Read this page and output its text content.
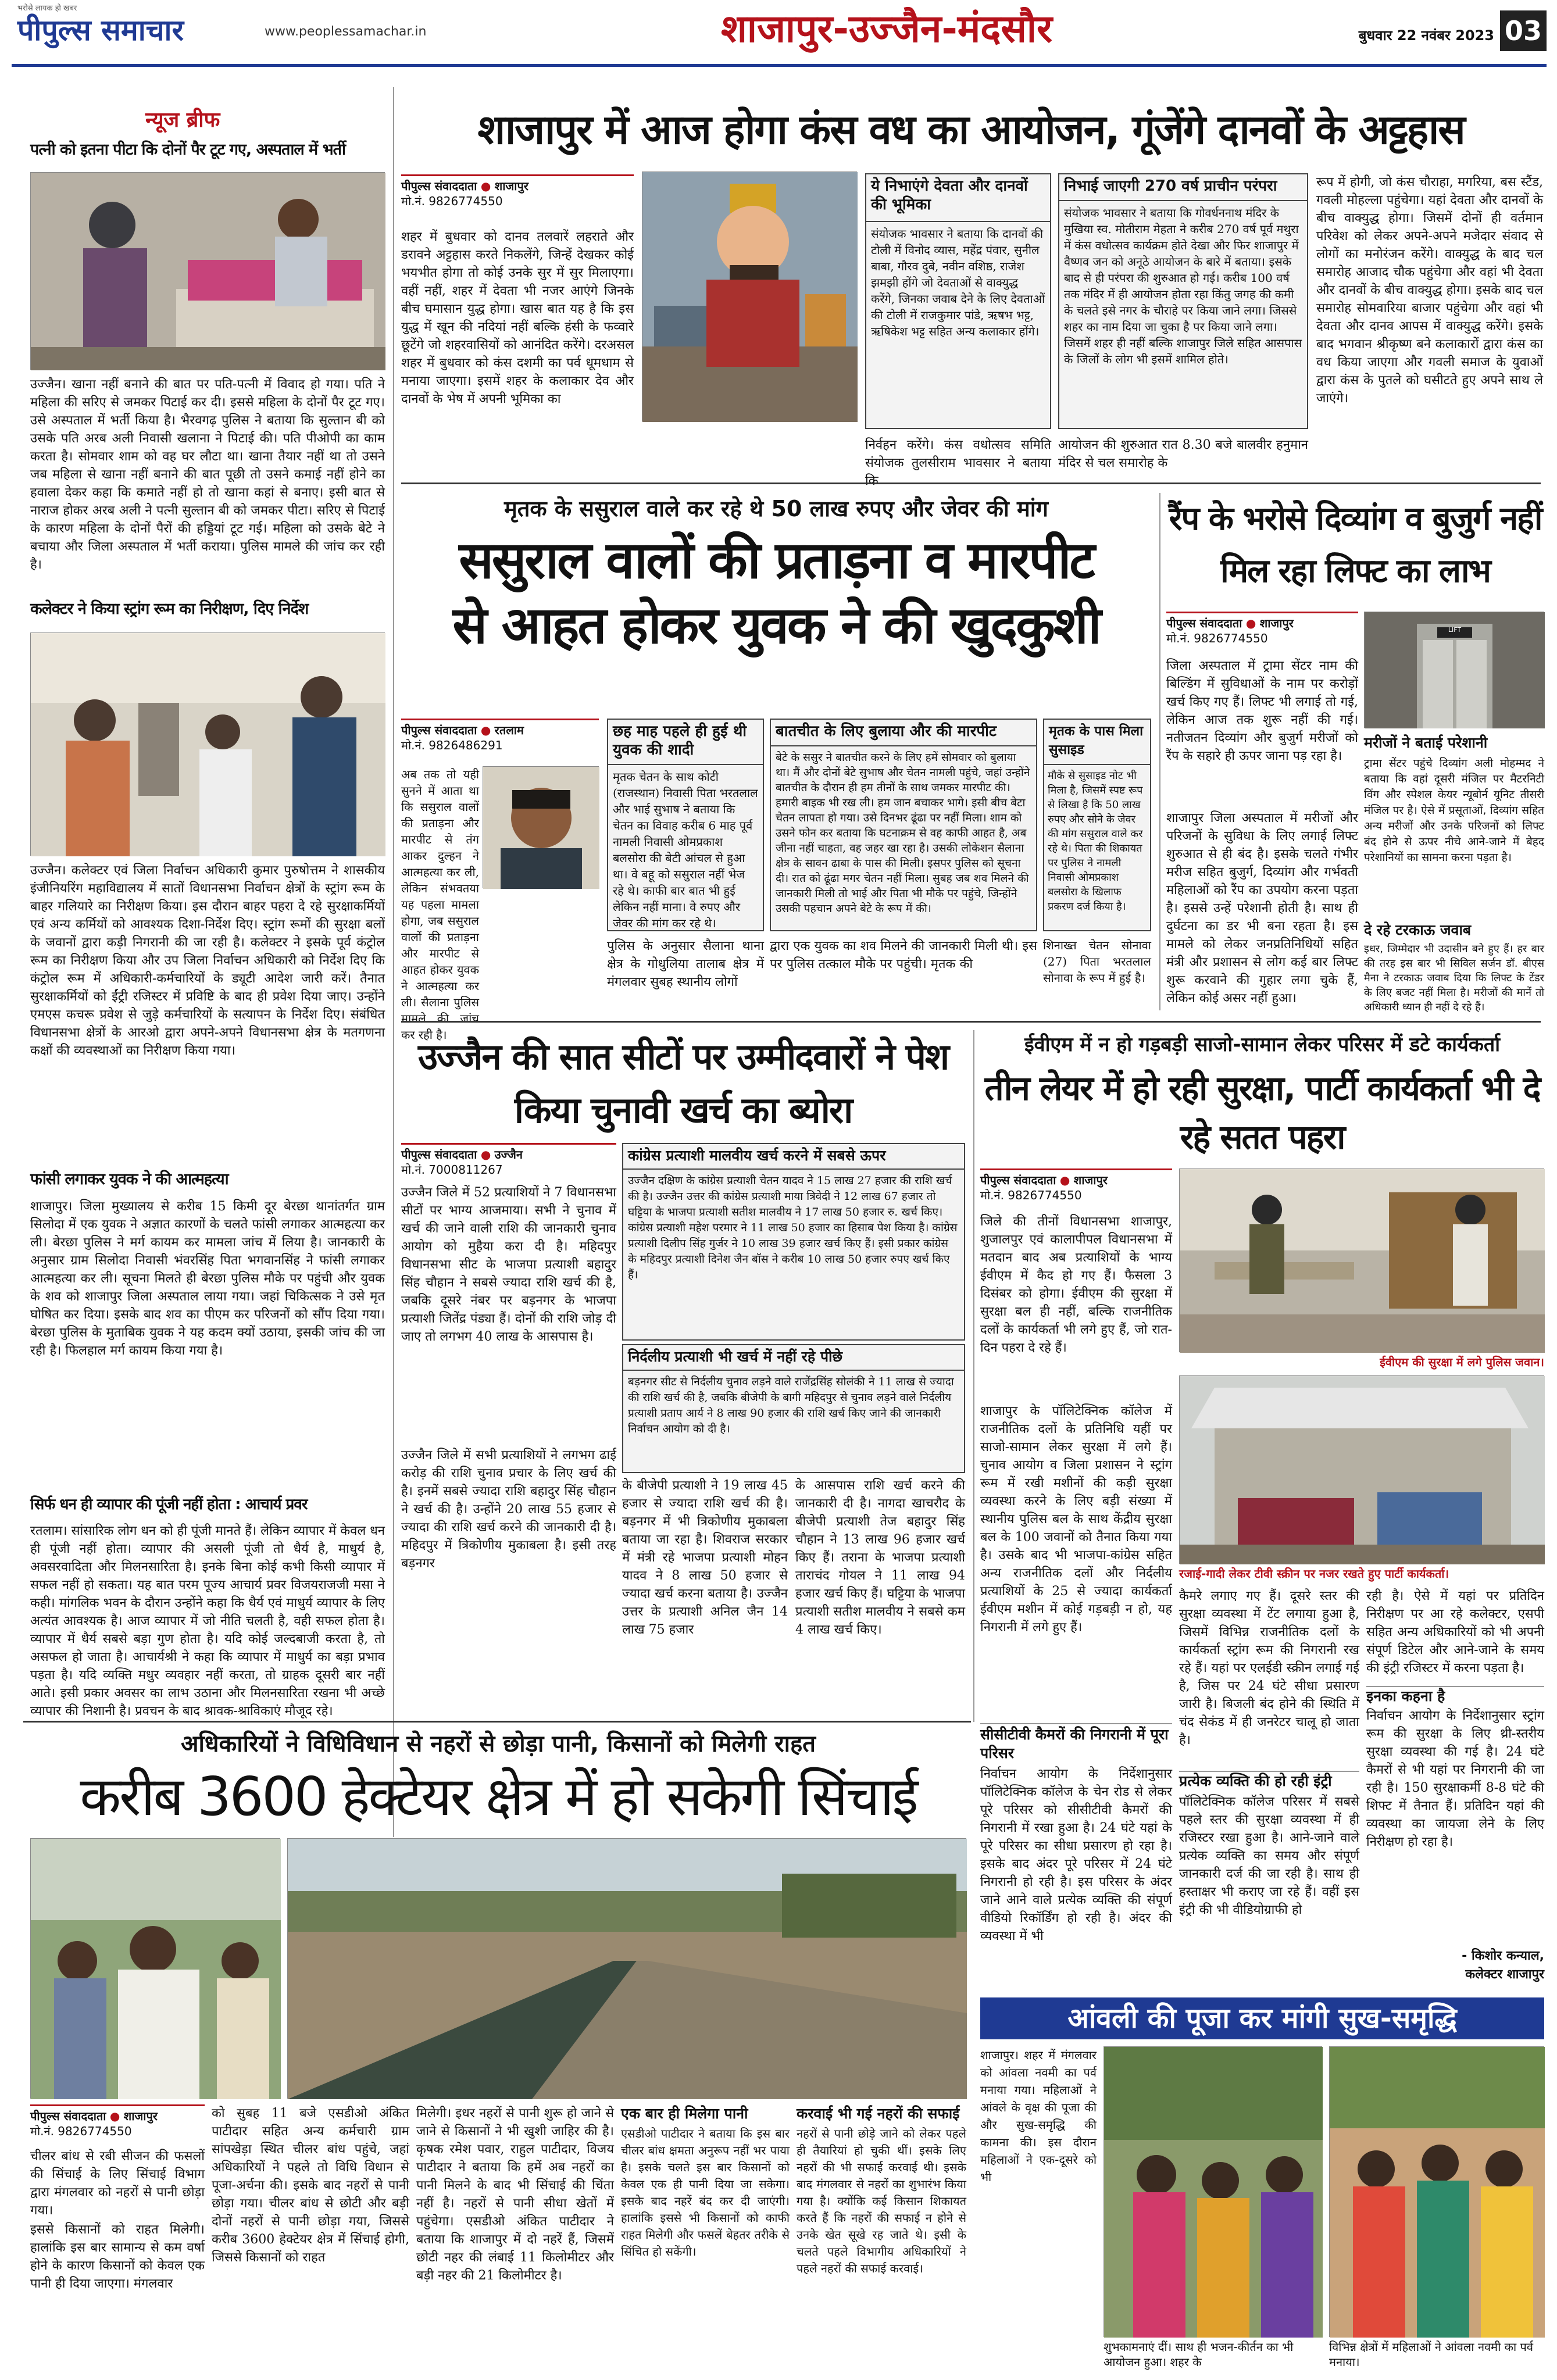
भरोसे लायक हो खबर
पीपुल्स समाचार	www.peoplessamachar.in	शाजापुर-उज्जैन-मंदसौर	बुधवार 22 नवंबर 2023 03
न्यूज ब्रीफ
पत्नी को इतना पीटा कि दोनों पैर टूट गए, अस्पताल में भर्ती
उज्जैन। खाना नहीं बनाने की बात पर पति-पत्नी में विवाद हो गया। पति ने महिला की सरिए से जमकर पिटाई कर दी। इससे महिला के दोनों पैर टूट गए। उसे अस्पताल में भर्ती किया है। भैरवगढ़ पुलिस ने बताया कि सुल्तान बी को उसके पति अरब अली निवासी खलाना ने पिटाई की। पति पीओपी का काम करता है। सोमवार शाम को वह घर लौटा था। खाना तैयार नहीं था तो उसने जब महिला से खाना नहीं बनाने की बात पूछी तो उसने कमाई नहीं होने का हवाला देकर कहा कि कमाते नहीं हो तो खाना कहां से बनाए। इसी बात से नाराज होकर अरब अली ने पत्नी सुल्तान बी को जमकर पीटा। सरिए से पिटाई के कारण महिला के दोनों पैरों की हड्डियां टूट गई। महिला को उसके बेटे ने बचाया और जिला अस्पताल में भर्ती कराया। पुलिस मामले की जांच कर रही है।
कलेक्टर ने किया स्ट्रांग रूम का निरीक्षण, दिए निर्देश
उज्जैन। कलेक्टर एवं जिला निर्वाचन अधिकारी कुमार पुरुषोत्तम ने शासकीय इंजीनियरिंग महाविद्यालय में सातों विधानसभा निर्वाचन क्षेत्रों के स्ट्रांग रूम के बाहर गलियारे का निरीक्षण किया। इस दौरान बाहर पहरा दे रहे सुरक्षाकर्मियों एवं अन्य कर्मियों को आवश्यक दिशा-निर्देश दिए। स्ट्रांग रूमों की सुरक्षा बलों के जवानों द्वारा कड़ी निगरानी की जा रही है। कलेक्टर ने इसके पूर्व कंट्रोल रूम का निरीक्षण किया और उप जिला निर्वाचन अधिकारी को निर्देश दिए कि कंट्रोल रूम में अधिकारी-कर्मचारियों के ड्यूटी आदेश जारी करें। तैनात सुरक्षाकर्मियों को ईंट्री रजिस्टर में प्रविष्टि के बाद ही प्रवेश दिया जाए। उन्होंने एमएस कचरू प्रवेश से जुड़े कर्मचारियों के सत्यापन के निर्देश दिए। संबंधित विधानसभा क्षेत्रों के आरओ द्वारा अपने-अपने विधानसभा क्षेत्र के मतगणना कक्षों की व्यवस्थाओं का निरीक्षण किया गया।
फांसी लगाकर युवक ने की आत्महत्या
शाजापुर। जिला मुख्यालय से करीब 15 किमी दूर बेरछा थानांतर्गत ग्राम सिलोदा में एक युवक ने अज्ञात कारणों के चलते फांसी लगाकर आत्महत्या कर ली। बेरछा पुलिस ने मर्ग कायम कर मामला जांच में लिया है। जानकारी के अनुसार ग्राम सिलोदा निवासी भंवरसिंह पिता भगवानसिंह ने फांसी लगाकर आत्महत्या कर ली। सूचना मिलते ही बेरछा पुलिस मौके पर पहुंची और युवक के शव को शाजापुर जिला अस्पताल लाया गया। जहां चिकित्सक ने उसे मृत घोषित कर दिया। इसके बाद शव का पीएम कर परिजनों को सौंप दिया गया। बेरछा पुलिस के मुताबिक युवक ने यह कदम क्यों उठाया, इसकी जांच की जा रही है। फिलहाल मर्ग कायम किया गया है।
सिर्फ धन ही व्यापार की पूंजी नहीं होता : आचार्य प्रवर
रतलाम। सांसारिक लोग धन को ही पूंजी मानते हैं। लेकिन व्यापार में केवल धन ही पूंजी नहीं होता। व्यापार की असली पूंजी तो धैर्य है, माधुर्य है, अवसरवादिता और मिलनसारिता है। इनके बिना कोई कभी किसी व्यापार में सफल नहीं हो सकता। यह बात परम पूज्य आचार्य प्रवर विजयराजजी मसा ने कही। मांगलिक भवन के दौरान उन्होंने कहा कि धैर्य एवं माधुर्य व्यापार के लिए अत्यंत आवश्यक है। आज व्यापार में जो नीति चलती है, वही सफल होता है। व्यापार में धैर्य सबसे बड़ा गुण होता है। यदि कोई जल्दबाजी करता है, तो असफल हो जाता है। आचार्यश्री ने कहा कि व्यापार में माधुर्य का बड़ा प्रभाव पड़ता है। यदि व्यक्ति मधुर व्यवहार नहीं करता, तो ग्राहक दूसरी बार नहीं आते। इसी प्रकार अवसर का लाभ उठाना और मिलनसारिता रखना भी अच्छे व्यापार की निशानी है। प्रवचन के बाद श्रावक-श्राविकाएं मौजूद रहे।
शाजापुर में आज होगा कंस वध का आयोजन, गूंजेंगे दानवों के अट्टहास
पीपुल्स संवाददाता ● शाजापुर
मो.नं. 9826774550
शहर में बुधवार को दानव तलवारें लहराते और डरावने अट्टहास करते निकलेंगे, जिन्हें देखकर कोई भयभीत होगा तो कोई उनके सुर में सुर मिलाएगा। वहीं नहीं, शहर में देवता भी नजर आएंगे जिनके बीच घमासान युद्ध होगा। खास बात यह है कि इस युद्ध में खून की नदियां नहीं बल्कि हंसी के फव्वारे छूटेंगे जो शहरवासियों को आनंदित करेंगे। दरअसल शहर में बुधवार को कंस दशमी का पर्व धूमधाम से मनाया जाएगा। इसमें शहर के कलाकार देव और दानवों के भेष में अपनी भूमिका का
ये निभाएंगे देवता और दानवों की भूमिका
संयोजक भावसार ने बताया कि दानवों की टोली में विनोद व्यास, महेंद्र पंवार, सुनील बाबा, गौरव दुबे, नवीन वशिष्ठ, राजेश झमझी होंगे जो देवताओं से वाक्युद्ध करेंगे, जिनका जवाब देने के लिए देवताओं की टोली में राजकुमार पांडे, ऋषभ भट्ट, ऋषिकेश भट्ट सहित अन्य कलाकार होंगे।
निर्वहन करेंगे। कंस वधोत्सव समिति संयोजक तुलसीराम भावसार ने बताया कि
निभाई जाएगी 270 वर्ष प्राचीन परंपरा
संयोजक भावसार ने बताया कि गोवर्धननाथ मंदिर के मुखिया स्व. मोतीराम मेहता ने करीब 270 वर्ष पूर्व मथुरा में कंस वधोत्सव कार्यक्रम होते देखा और फिर शाजापुर में वैष्णव जन को अनूठे आयोजन के बारे में बताया। इसके बाद से ही परंपरा की शुरुआत हो गई। करीब 100 वर्ष तक मंदिर में ही आयोजन होता रहा किंतु जगह की कमी के चलते इसे नगर के चौराहे पर किया जाने लगा। जिससे शहर का नाम दिया जा चुका है पर किया जाने लगा। जिसमें शहर ही नहीं बल्कि शाजापुर जिले सहित आसपास के जिलों के लोग भी इसमें शामिल होते।
आयोजन की शुरुआत रात 8.30 बजे बालवीर हनुमान मंदिर से चल समारोह के
रूप में होगी, जो कंस चौराहा, मगरिया, बस स्टैंड, गवली मोहल्ला पहुंचेगा। यहां देवता और दानवों के बीच वाक्युद्ध होगा। जिसमें दोनों ही वर्तमान परिवेश को लेकर अपने-अपने मजेदार संवाद से लोगों का मनोरंजन करेंगे। वाक्युद्ध के बाद चल समारोह आजाद चौक पहुंचेगा और वहां भी देवता और दानवों के बीच वाक्युद्ध होगा। इसके बाद चल समारोह सोमवारिया बाजार पहुंचेगा और वहां भी देवता और दानव आपस में वाक्युद्ध करेंगे। इसके बाद भगवान श्रीकृष्ण बने कलाकारों द्वारा कंस का वध किया जाएगा और गवली समाज के युवाओं द्वारा कंस के पुतले को घसीटते हुए अपने साथ ले जाएंगे।
मृतक के ससुराल वाले कर रहे थे 50 लाख रुपए और जेवर की मांग
ससुराल वालों की प्रताड़ना व मारपीट
से आहत होकर युवक ने की खुदकुशी
पीपुल्स संवाददाता ● रतलाम
मो.नं. 9826486291
अब तक तो यही सुनने में आता था कि ससुराल वालों की प्रताड़ना और मारपीट से तंग आकर दुल्हन ने आत्महत्या कर ली, लेकिन संभवतया यह पहला मामला होगा, जब ससुराल वालों की प्रताड़ना और मारपीट से आहत होकर युवक ने आत्महत्या कर ली। सैलाना पुलिस मामले की जांच कर रही है।
पुलिस के अनुसार सैलाना थाना क्षेत्र के गोधुलिया तालाब क्षेत्र में मंगलवार सुबह स्थानीय लोगों
छह माह पहले ही हुई थी युवक की शादी
मृतक चेतन के साथ कोटी (राजस्थान) निवासी पिता भरतलाल और भाई सुभाष ने बताया कि चेतन का विवाह करीब 6 माह पूर्व नामली निवासी ओमप्रकाश बलसोरा की बेटी आंचल से हुआ था। वे बहू को ससुराल नहीं भेज रहे थे। काफी बार बात भी हुई लेकिन नहीं माना। वे रुपए और जेवर की मांग कर रहे थे।
बातचीत के लिए बुलाया और की मारपीट
बेटे के ससुर ने बातचीत करने के लिए हमें सोमवार को बुलाया था। मैं और दोनों बेटे सुभाष और चेतन नामली पहुंचे, जहां उन्होंने बातचीत के दौरान ही हम तीनों के साथ जमकर मारपीट की। हमारी बाइक भी रख ली। हम जान बचाकर भागे। इसी बीच बेटा चेतन लापता हो गया। उसे दिनभर ढूंढा पर नहीं मिला। शाम को उसने फोन कर बताया कि घटनाक्रम से वह काफी आहत है, अब जीना नहीं चाहता, वह जहर खा रहा है। उसकी लोकेशन सैलाना क्षेत्र के सावन ढाबा के पास की मिली। इसपर पुलिस को सूचना दी। रात को ढूंढा मगर चेतन नहीं मिला। सुबह जब शव मिलने की जानकारी मिली तो भाई और पिता भी मौके पर पहुंचे, जिन्होंने उसकी पहचान अपने बेटे के रूप में की।
द्वारा एक युवक का शव मिलने की जानकारी मिली थी। इस पर पुलिस तत्काल मौके पर पहुंची। मृतक की
मृतक के पास मिला सुसाइड
मौके से सुसाइड नोट भी मिला है, जिसमें स्पष्ट रूप से लिखा है कि 50 लाख रुपए और सोने के जेवर की मांग ससुराल वाले कर रहे थे। पिता की शिकायत पर पुलिस ने नामली निवासी ओमप्रकाश बलसोरा के खिलाफ प्रकरण दर्ज किया है।
शिनाख्त चेतन सोनावा (27) पिता भरतलाल सोनावा के रूप में हुई है।
रैंप के भरोसे दिव्यांग व बुजुर्ग नहीं मिल रहा लिफ्ट का लाभ
पीपुल्स संवाददाता ● शाजापुर
मो.नं. 9826774550
LIFT
जिला अस्पताल में ट्रामा सेंटर नाम की बिल्डिंग में सुविधाओं के नाम पर करोड़ों खर्च किए गए हैं। लिफ्ट भी लगाई तो गई, लेकिन आज तक शुरू नहीं की गई। नतीजतन दिव्यांग और बुजुर्ग मरीजों को रैंप के सहारे ही ऊपर जाना पड़ रहा है।
शाजापुर जिला अस्पताल में मरीजों और परिजनों के सुविधा के लिए लगाई लिफ्ट शुरुआत से ही बंद है। इसके चलते गंभीर मरीज सहित बुजुर्ग, दिव्यांग और गर्भवती महिलाओं को रैंप का उपयोग करना पड़ता है। इससे उन्हें परेशानी होती है। साथ ही दुर्घटना का डर भी बना रहता है। इस मामले को लेकर जनप्रतिनिधियों सहित मंत्री और प्रशासन से लोग कई बार लिफ्ट शुरू करवाने की गुहार लगा चुके हैं, लेकिन कोई असर नहीं हुआ।
मरीजों ने बताई परेशानी
ट्रामा सेंटर पहुंचे दिव्यांग अली मोहम्मद ने बताया कि वहां दूसरी मंजिल पर मैटरनिटी विंग और स्पेशल केयर न्यूबोर्न यूनिट तीसरी मंजिल पर है। ऐसे में प्रसूताओं, दिव्यांग सहित अन्य मरीजों और उनके परिजनों को लिफ्ट बंद होने से ऊपर नीचे आने-जाने में बेहद परेशानियों का सामना करना पड़ता है।
दे रहे टरकाऊ जवाब
इधर, जिम्मेदार भी उदासीन बने हुए हैं। हर बार की तरह इस बार भी सिविल सर्जन डॉ. बीएस मैना ने टरकाऊ जवाब दिया कि लिफ्ट के टेंडर के लिए बजट नहीं मिला है। मरीजों की मानें तो अधिकारी ध्यान ही नहीं दे रहे हैं।
उज्जैन की सात सीटों पर उम्मीदवारों ने पेश किया चुनावी खर्च का ब्योरा
पीपुल्स संवाददाता ● उज्जैन
मो.नं. 7000811267
उज्जैन जिले में 52 प्रत्याशियों ने 7 विधानसभा सीटों पर भाग्य आजमाया। सभी ने चुनाव में खर्च की जाने वाली राशि की जानकारी चुनाव आयोग को मुहैया करा दी है। महिदपुर विधानसभा सीट के भाजपा प्रत्याशी बहादुर सिंह चौहान ने सबसे ज्यादा राशि खर्च की है, जबकि दूसरे नंबर पर बड़नगर के भाजपा प्रत्याशी जितेंद्र पंड्या हैं। दोनों की राशि जोड़ दी जाए तो लगभग 40 लाख के आसपास है।
उज्जैन जिले में सभी प्रत्याशियों ने लगभग ढाई करोड़ की राशि चुनाव प्रचार के लिए खर्च की है। इनमें सबसे ज्यादा राशि बहादुर सिंह चौहान ने खर्च की है। उन्होंने 20 लाख 55 हजार से ज्यादा की राशि खर्च करने की जानकारी दी है। महिदपुर में त्रिकोणीय मुकाबला है। इसी तरह बड़नगर
कांग्रेस प्रत्याशी मालवीय खर्च करने में सबसे ऊपर
उज्जैन दक्षिण के कांग्रेस प्रत्याशी चेतन यादव ने 15 लाख 27 हजार की राशि खर्च की है। उज्जैन उत्तर की कांग्रेस प्रत्याशी माया त्रिवेदी ने 12 लाख 67 हजार तो घट्टिया के भाजपा प्रत्याशी सतीश मालवीय ने 17 लाख 50 हजार रु. खर्च किए। कांग्रेस प्रत्याशी महेश परमार ने 11 लाख 50 हजार का हिसाब पेश किया है। कांग्रेस प्रत्याशी दिलीप सिंह गुर्जर ने 10 लाख 39 हजार खर्च किए हैं। इसी प्रकार कांग्रेस के महिदपुर प्रत्याशी दिनेश जैन बॉस ने करीब 10 लाख 50 हजार रुपए खर्च किए हैं।
निर्दलीय प्रत्याशी भी खर्च में नहीं रहे पीछे
बड़नगर सीट से निर्दलीय चुनाव लड़ने वाले राजेंद्रसिंह सोलंकी ने 11 लाख से ज्यादा की राशि खर्च की है, जबकि बीजेपी के बागी महिदपुर से चुनाव लड़ने वाले निर्दलीय प्रत्याशी प्रताप आर्य ने 8 लाख 90 हजार की राशि खर्च किए जाने की जानकारी निर्वाचन आयोग को दी है।
के बीजेपी प्रत्याशी ने 19 लाख 45 हजार से ज्यादा राशि खर्च की है। बड़नगर में भी त्रिकोणीय मुकाबला बताया जा रहा है। शिवराज सरकार में मंत्री रहे भाजपा प्रत्याशी मोहन यादव ने 8 लाख 50 हजार से ज्यादा खर्च करना बताया है। उज्जैन उत्तर के प्रत्याशी अनिल जैन 14 लाख 75 हजार
के आसपास राशि खर्च करने की जानकारी दी है। नागदा खाचरौद के बीजेपी प्रत्याशी तेज बहादुर सिंह चौहान ने 13 लाख 96 हजार खर्च किए हैं। तराना के भाजपा प्रत्याशी ताराचंद गोयल ने 11 लाख 94 हजार खर्च किए हैं। घट्टिया के भाजपा प्रत्याशी सतीश मालवीय ने सबसे कम 4 लाख खर्च किए।
ईवीएम में न हो गड़बड़ी साजो-सामान लेकर परिसर में डटे कार्यकर्ता
तीन लेयर में हो रही सुरक्षा, पार्टी कार्यकर्ता भी दे रहे सतत पहरा
पीपुल्स संवाददाता ● शाजापुर
मो.नं. 9826774550
जिले की तीनों विधानसभा शाजापुर, शुजालपुर एवं कालापीपल विधानसभा में मतदान बाद अब प्रत्याशियों के भाग्य ईवीएम में कैद हो गए हैं। फैसला 3 दिसंबर को होगा। ईवीएम की सुरक्षा में सुरक्षा बल ही नहीं, बल्कि राजनीतिक दलों के कार्यकर्ता भी लगे हुए हैं, जो रात-दिन पहरा दे रहे हैं।
शाजापुर के पॉलिटेक्निक कॉलेज में राजनीतिक दलों के प्रतिनिधि यहीं पर साजो-सामान लेकर सुरक्षा में लगे हैं। चुनाव आयोग व जिला प्रशासन ने स्ट्रांग रूम में रखी मशीनों की कड़ी सुरक्षा व्यवस्था करने के लिए बड़ी संख्या में स्थानीय पुलिस बल के साथ केंद्रीय सुरक्षा बल के 100 जवानों को तैनात किया गया है। उसके बाद भी भाजपा-कांग्रेस सहित अन्य राजनीतिक दलों और निर्दलीय प्रत्याशियों के 25 से ज्यादा कार्यकर्ता ईवीएम मशीन में कोई गड़बड़ी न हो, यह निगरानी में लगे हुए हैं।
ईवीएम की सुरक्षा में लगे पुलिस जवान।
रजाई-गादी लेकर टीवी स्क्रीन पर नजर रखते हुए पार्टी कार्यकर्ता।
कैमरे लगाए गए हैं। दूसरे स्तर की सुरक्षा व्यवस्था में टेंट लगाया हुआ है, जिसमें विभिन्न राजनीतिक दलों के कार्यकर्ता स्ट्रांग रूम की निगरानी रख रहे हैं। यहां पर एलईडी स्क्रीन लगाई गई है, जिस पर 24 घंटे सीधा प्रसारण जारी है। बिजली बंद होने की स्थिति में चंद सेकंड में ही जनरेटर चालू हो जाता है।
रही है। ऐसे में यहां पर प्रतिदिन निरीक्षण पर आ रहे कलेक्टर, एसपी सहित अन्य अधिकारियों को भी अपनी संपूर्ण डिटेल और आने-जाने के समय की इंट्री रजिस्टर में करना पड़ता है।
सीसीटीवी कैमरों की निगरानी में पूरा परिसर
निर्वाचन आयोग के निर्देशानुसार पॉलिटेक्निक कॉलेज के चेन रोड से लेकर पूरे परिसर को सीसीटीवी कैमरों की निगरानी में रखा हुआ है। 24 घंटे यहां के पूरे परिसर का सीधा प्रसारण हो रहा है। इसके बाद अंदर पूरे परिसर में 24 घंटे निगरानी हो रही है। इस परिसर के अंदर जाने आने वाले प्रत्येक व्यक्ति की संपूर्ण वीडियो रिकॉर्डिंग हो रही है। अंदर की व्यवस्था में भी
प्रत्येक व्यक्ति की हो रही इंट्री
पॉलिटेक्निक कॉलेज परिसर में सबसे पहले स्तर की सुरक्षा व्यवस्था में ही रजिस्टर रखा हुआ है। आने-जाने वाले प्रत्येक व्यक्ति का समय और संपूर्ण जानकारी दर्ज की जा रही है। साथ ही हस्ताक्षर भी कराए जा रहे हैं। वहीं इस इंट्री की भी वीडियोग्राफी हो
इनका कहना है
निर्वाचन आयोग के निर्देशानुसार स्ट्रांग रूम की सुरक्षा के लिए थ्री-स्तरीय सुरक्षा व्यवस्था की गई है। 24 घंटे कैमरों से भी यहां पर निगरानी की जा रही है। 150 सुरक्षाकर्मी 8-8 घंटे की शिफ्ट में तैनात हैं। प्रतिदिन यहां की व्यवस्था का जायजा लेने के लिए निरीक्षण हो रहा है।
- किशोर कन्याल,
कलेक्टर शाजापुर
अधिकारियों ने विधिविधान से नहरों से छोड़ा पानी, किसानों को मिलेगी राहत
करीब 3600 हेक्टेयर क्षेत्र में हो सकेगी सिंचाई
पीपुल्स संवाददाता ● शाजापुर
मो.नं. 9826774550
चीलर बांध से रबी सीजन की फसलों की सिंचाई के लिए सिंचाई विभाग द्वारा मंगलवार को नहरों से पानी छोड़ा गया।
इससे किसानों को राहत मिलेगी। हालांकि इस बार सामान्य से कम वर्षा होने के कारण किसानों को केवल एक पानी ही दिया जाएगा। मंगलवार
को सुबह 11 बजे एसडीओ अंकित पाटीदार सहित अन्य कर्मचारी ग्राम सांपखेड़ा स्थित चीलर बांध पहुंचे, जहां अधिकारियों ने पहले तो विधि विधान से पूजा-अर्चना की। इसके बाद नहरों से पानी छोड़ा गया। चीलर बांध से छोटी और बड़ी दोनों नहरों से पानी छोड़ा गया, जिससे करीब 3600 हेक्टेयर क्षेत्र में सिंचाई होगी, जिससे किसानों को राहत
मिलेगी। इधर नहरों से पानी शुरू हो जाने से जाने से किसानों ने भी खुशी जाहिर की है। कृषक रमेश पवार, राहुल पाटीदार, विजय पाटीदार ने बताया कि हमें अब नहरों का पानी मिलने के बाद भी सिंचाई की चिंता नहीं है। नहरों से पानी सीधा खेतों में पहुंचेगा। एसडीओ अंकित पाटीदार ने बताया कि शाजापुर में दो नहरें हैं, जिसमें छोटी नहर की लंबाई 11 किलोमीटर और बड़ी नहर की 21 किलोमीटर है।
एक बार ही मिलेगा पानी
एसडीओ पाटीदार ने बताया कि इस बार चीलर बांध क्षमता अनुरूप नहीं भर पाया है। इसके चलते इस बार किसानों को केवल एक ही पानी दिया जा सकेगा। इसके बाद नहरें बंद कर दी जाएंगी। हालांकि इससे भी किसानों को काफी राहत मिलेगी और फसलें बेहतर तरीके से सिंचित हो सकेंगी।
करवाई भी गई नहरों की सफाई
नहरों से पानी छोड़े जाने को लेकर पहले ही तैयारियां हो चुकी थीं। इसके लिए नहरों की भी सफाई करवाई थी। इसके बाद मंगलवार से नहरों का शुभारंभ किया गया है। क्योंकि कई किसान शिकायत करते हैं कि नहरों की सफाई न होने से उनके खेत सूखे रह जाते थे। इसी के चलते पहले विभागीय अधिकारियों ने पहले नहरों की सफाई करवाई।
आंवली की पूजा कर मांगी सुख-समृद्धि
शाजापुर। शहर में मंगलवार को आंवला नवमी का पर्व मनाया गया। महिलाओं ने आंवले के वृक्ष की पूजा की और सुख-समृद्धि की कामना की। इस दौरान महिलाओं ने एक-दूसरे को भी
शुभकामनाएं दीं। साथ ही भजन-कीर्तन का भी आयोजन हुआ। शहर के
विभिन्न क्षेत्रों में महिलाओं ने आंवला नवमी का पर्व मनाया।
